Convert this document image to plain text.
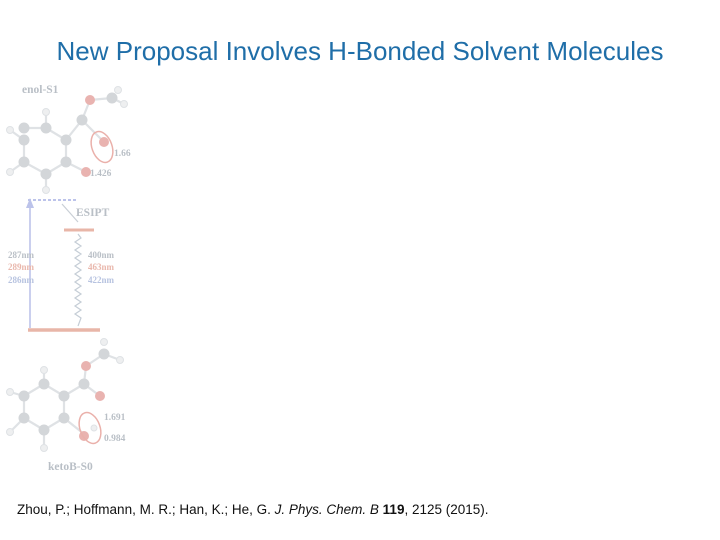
New Proposal Involves H-Bonded Solvent Molecules
enol-S1
1.66
1.426
ESIPT
287nm
289nm
286nm
400nm
463nm
422nm
1.691
0.984
ketoB-S0
Zhou, P.; Hoffmann, M. R.; Han, K.; He, G. J. Phys. Chem. B 119, 2125 (2015).
